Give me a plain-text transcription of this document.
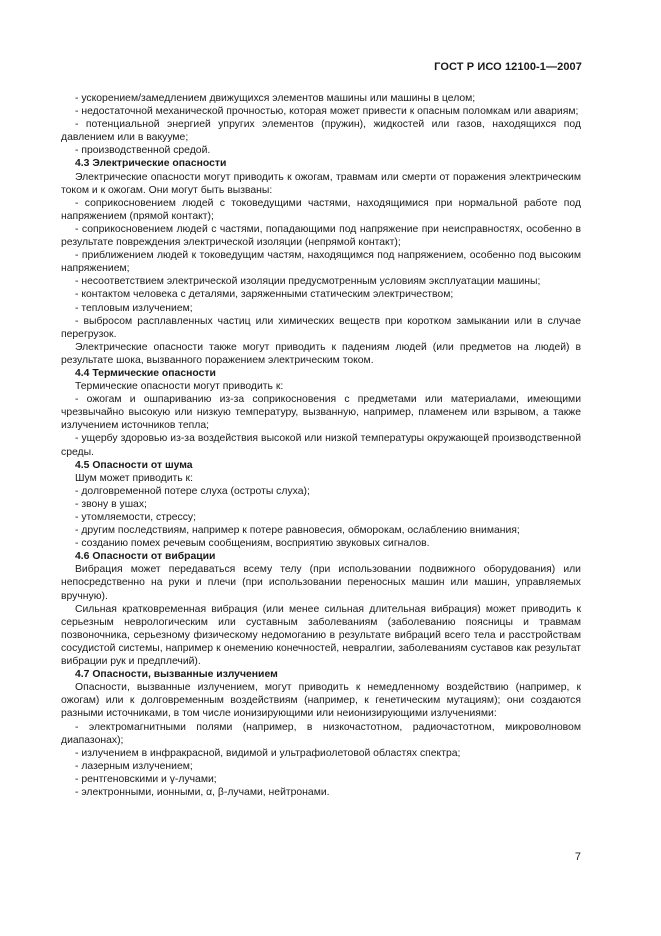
ГОСТ Р ИСО 12100-1—2007

- ускорением/замедлением движущихся элементов машины или машины в целом;

- недостаточной механической прочностью, которая может привести к опасным поломкам или авариям;

- потенциальной энергией упругих элементов (пружин), жидкостей или газов, находящихся под давлением или в вакууме;

- производственной средой.

4.3 Электрические опасности

Электрические опасности могут приводить к ожогам, травмам или смерти от поражения электрическим током и к ожогам. Они могут быть вызваны:

- соприкосновением людей с токоведущими частями, находящимися при нормальной работе под напряжением (прямой контакт);

- соприкосновением людей с частями, попадающими под напряжение при неисправностях, особенно в результате повреждения электрической изоляции (непрямой контакт);

- приближением людей к токоведущим частям, находящимся под напряжением, особенно под высоким напряжением;

- несоответствием электрической изоляции предусмотренным условиям эксплуатации машины;

- контактом человека с деталями, заряженными статическим электричеством;

- тепловым излучением;

- выбросом расплавленных частиц или химических веществ при коротком замыкании или в случае перегрузок.

Электрические опасности также могут приводить к падениям людей (или предметов на людей) в результате шока, вызванного поражением электрическим током.

4.4 Термические опасности

Термические опасности могут приводить к:

- ожогам и ошпариванию из-за соприкосновения с предметами или материалами, имеющими чрезвычайно высокую или низкую температуру, вызванную, например, пламенем или взрывом, а также излучением источников тепла;

- ущербу здоровью из-за воздействия высокой или низкой температуры окружающей производственной среды.

4.5 Опасности от шума

Шум может приводить к:

- долговременной потере слуха (остроты слуха);

- звону в ушах;

- утомляемости, стрессу;

- другим последствиям, например к потере равновесия, обморокам, ослаблению внимания;

- созданию помех речевым сообщениям, восприятию звуковых сигналов.

4.6 Опасности от вибрации

Вибрация может передаваться всему телу (при использовании подвижного оборудования) или непосредственно на руки и плечи (при использовании переносных машин или машин, управляемых вручную).

Сильная кратковременная вибрация (или менее сильная длительная вибрация) может приводить к серьезным неврологическим или суставным заболеваниям (заболеванию поясницы и травмам позвоночника, серьезному физическому недомоганию в результате вибраций всего тела и расстройствам сосудистой системы, например к онемению конечностей, невралгии, заболеваниям суставов как результат вибрации рук и предплечий).

4.7 Опасности, вызванные излучением

Опасности, вызванные излучением, могут приводить к немедленному воздействию (например, к ожогам) или к долговременным воздействиям (например, к генетическим мутациям); они создаются разными источниками, в том числе ионизирующими или неионизирующими излучениями:

- электромагнитными полями (например, в низкочастотном, радиочастотном, микроволновом диапазонах);

- излучением в инфракрасной, видимой и ультрафиолетовой областях спектра;

- лазерным излучением;

- рентгеновскими и γ-лучами;

- электронными, ионными, α, β-лучами, нейтронами.

7
